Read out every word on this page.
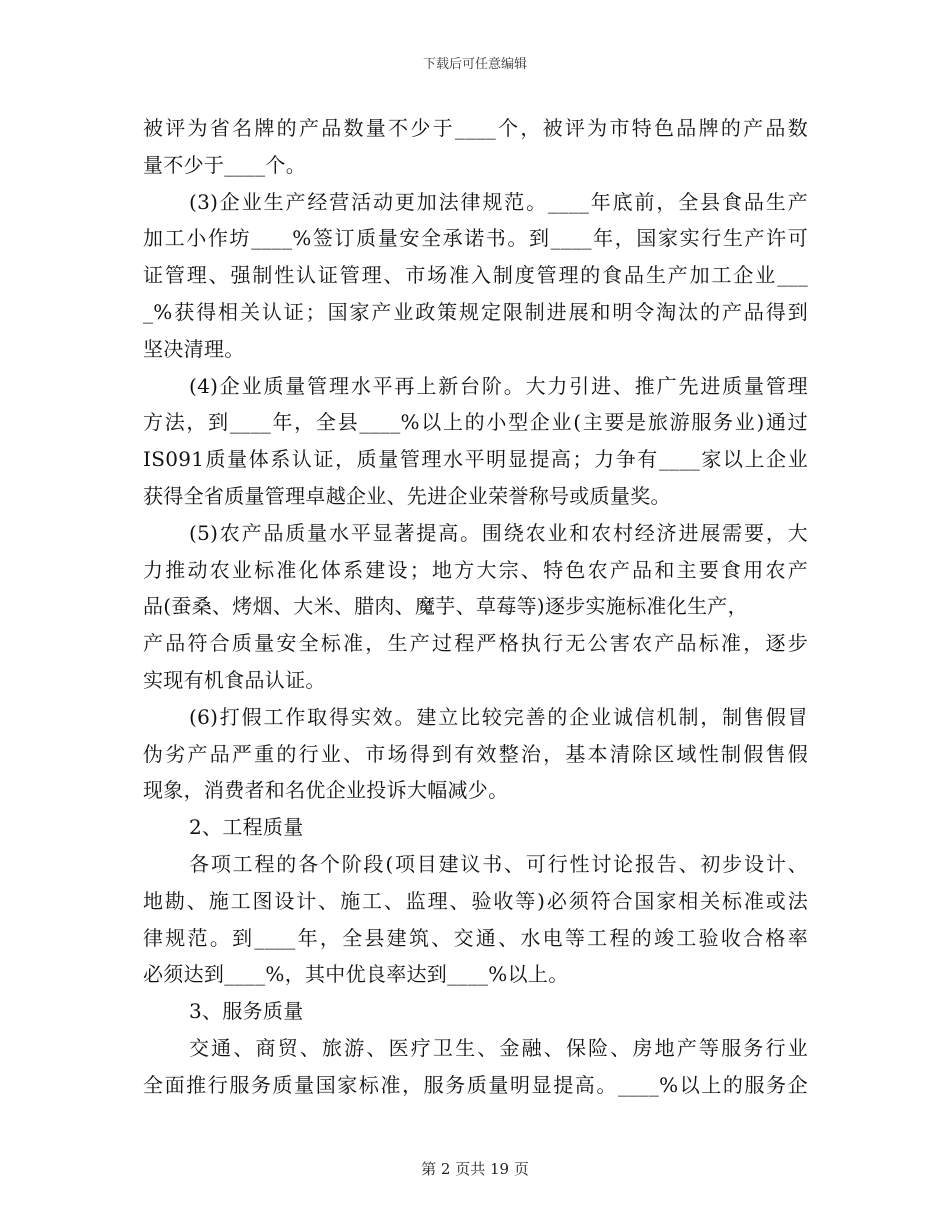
下载后可任意编辑
被评为省名牌的产品数量不少于____个，被评为市特色品牌的产品数
量不少于____个。
(3)企业生产经营活动更加法律规范。____年底前，全县食品生产
加工小作坊____%签订质量安全承诺书。到____年，国家实行生产许可
证管理、强制性认证管理、市场准入制度管理的食品生产加工企业___
_%获得相关认证；国家产业政策规定限制进展和明令淘汰的产品得到
坚决清理。
(4)企业质量管理水平再上新台阶。大力引进、推广先进质量管理
方法，到____年，全县____%以上的小型企业(主要是旅游服务业)通过
IS091质量体系认证，质量管理水平明显提高；力争有____家以上企业
获得全省质量管理卓越企业、先进企业荣誉称号或质量奖。
(5)农产品质量水平显著提高。围绕农业和农村经济进展需要，大
力推动农业标准化体系建设；地方大宗、特色农产品和主要食用农产
品(蚕桑、烤烟、大米、腊肉、魔芋、草莓等)逐步实施标准化生产，
产品符合质量安全标准，生产过程严格执行无公害农产品标准，逐步
实现有机食品认证。
(6)打假工作取得实效。建立比较完善的企业诚信机制，制售假冒
伪劣产品严重的行业、市场得到有效整治，基本清除区域性制假售假
现象，消费者和名优企业投诉大幅减少。
2、工程质量
各项工程的各个阶段(项目建议书、可行性讨论报告、初步设计、
地勘、施工图设计、施工、监理、验收等)必须符合国家相关标准或法
律规范。到____年，全县建筑、交通、水电等工程的竣工验收合格率
必须达到____%，其中优良率达到____%以上。
3、服务质量
交通、商贸、旅游、医疗卫生、金融、保险、房地产等服务行业
全面推行服务质量国家标准，服务质量明显提高。____%以上的服务企
第 2 页共 19 页
